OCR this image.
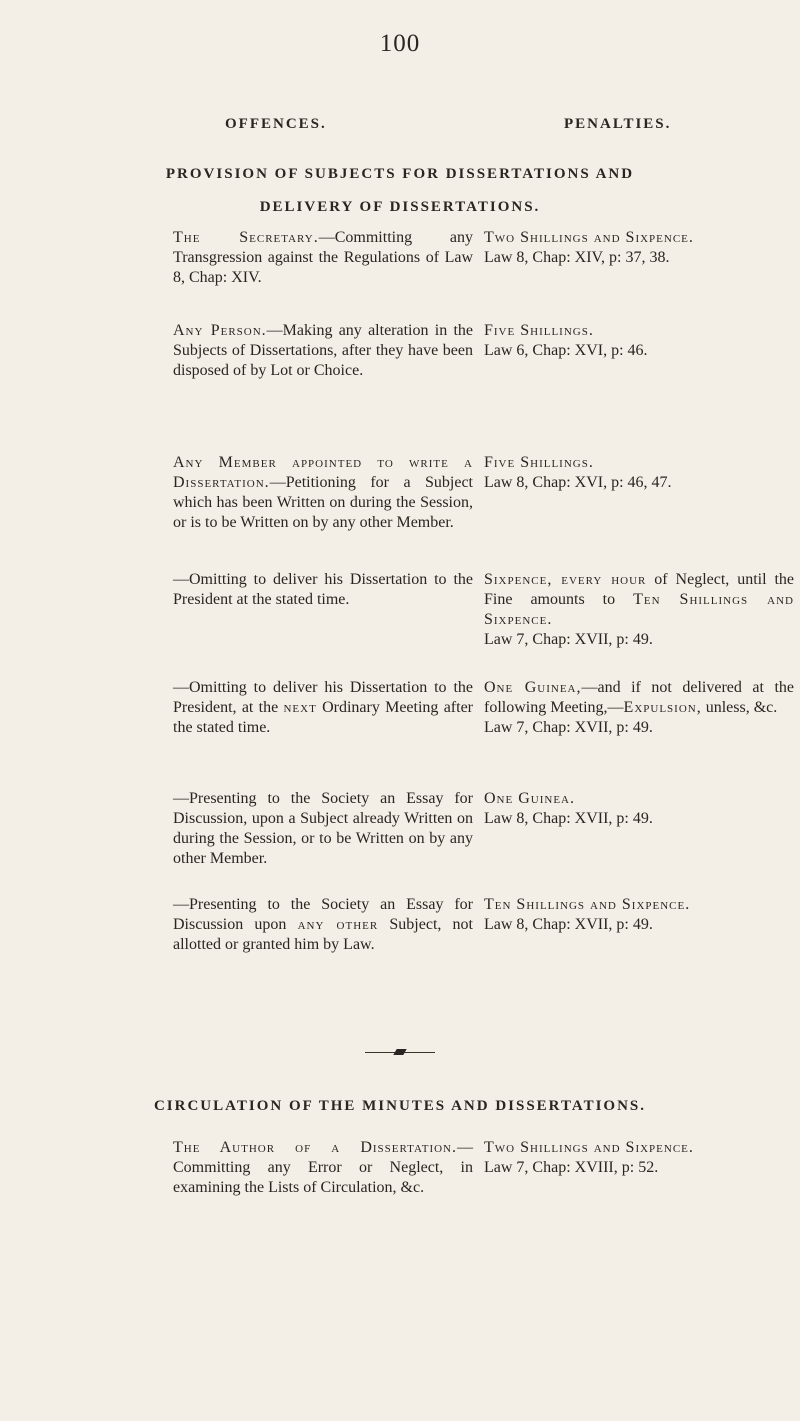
100
OFFENCES.	PENALTIES.
PROVISION OF SUBJECTS FOR DISSERTATIONS AND
DELIVERY OF DISSERTATIONS.

The Secretary.—Committing any Transgression against the Regulations of Law 8, Chap: XIV.

Two Shillings and Sixpence.
Law 8, Chap: XIV, p: 37, 38.

Any Person.—Making any alteration in the Subjects of Dissertations, after they have been disposed of by Lot or Choice.

Five Shillings.
Law 6, Chap: XVI, p: 46.

Any Member appointed to write a Dissertation.—Petitioning for a Subject which has been Written on during the Session, or is to be Written on by any other Member.

Five Shillings.
Law 8, Chap: XVI, p: 46, 47.

—Omitting to deliver his Dissertation to the President at the stated time.

Sixpence, every hour of Neglect, until the Fine amounts to Ten Shillings and Sixpence.
Law 7, Chap: XVII, p: 49.

—Omitting to deliver his Dissertation to the President, at the next Ordinary Meeting after the stated time.

One Guinea,—and if not delivered at the following Meeting,—Expulsion, unless, &c.
Law 7, Chap: XVII, p: 49.

—Presenting to the Society an Essay for Discussion, upon a Subject already Written on during the Session, or to be Written on by any other Member.

One Guinea.
Law 8, Chap: XVII, p: 49.

—Presenting to the Society an Essay for Discussion upon any other Subject, not allotted or granted him by Law.

Ten Shillings and Sixpence.
Law 8, Chap: XVII, p: 49.

CIRCULATION OF THE MINUTES AND DISSERTATIONS.

The Author of a Dissertation.—Committing any Error or Neglect, in examining the Lists of Circulation, &c.

Two Shillings and Sixpence.
Law 7, Chap: XVIII, p: 52.
